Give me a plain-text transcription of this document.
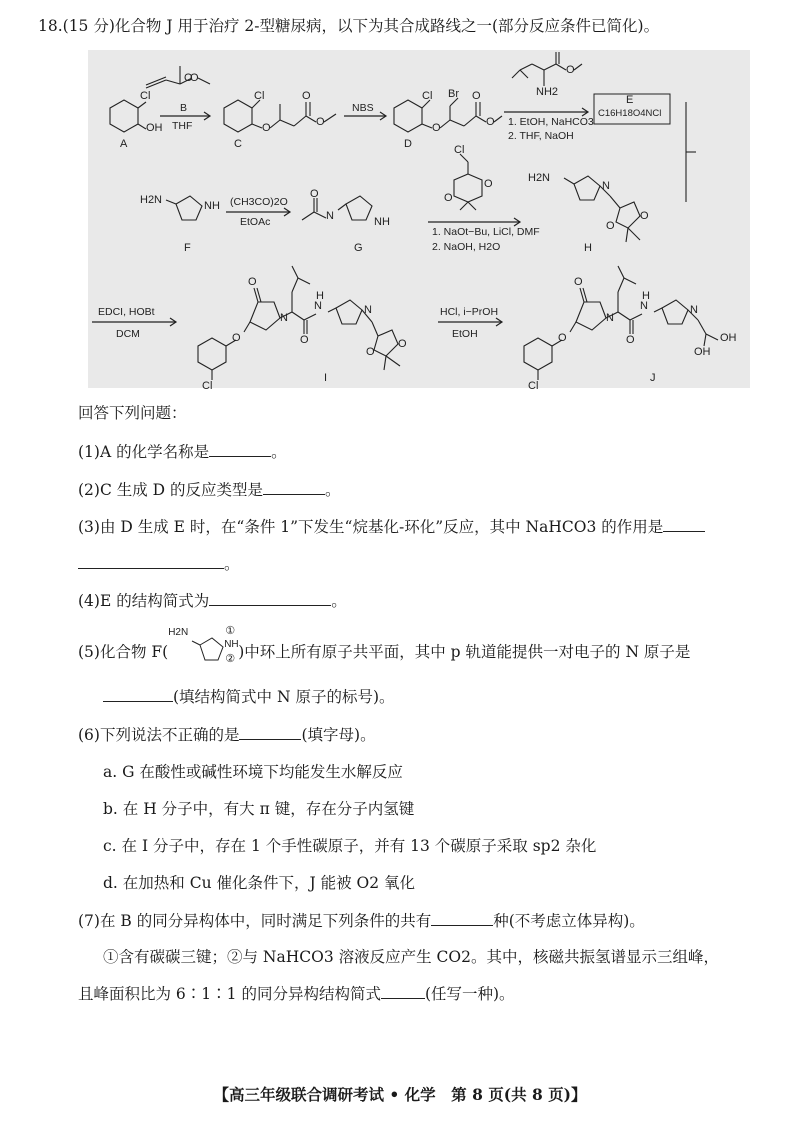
18.(15 分)化合物 J 用于治疗 2-型糖尿病，以下为其合成路线之一(部分反应条件已简化)。
A
Cl
OH
O
O
C
Cl
O
O
O
D
Cl Br
O
O
O
NH2
O
E
C16H18O4NCl
H2N	NH
F
O
N	NH
G
Cl
O
O
H2N
N
O
O
H
Cl
O
O
N
O
N
H
N
O
O
I
Cl
O
O
N
O
N
H
N
OH
OH
J
B
THF
NBS
1. EtOH, NaHCO3
2. THF, NaOH
(CH3CO)2O
EtOAc
1. NaOt−Bu, LiCl, DMF
2. NaOH, H2O
EDCI, HOBt
DCM
HCl, i−PrOH
EtOH
回答下列问题：
(1)A 的化学名称是	。
(2)C 生成 D 的反应类型是	。
(3)由 D 生成 E 时，在“条件 1”下发生“烷基化-环化”反应，其中 NaHCO3 的作用是
。
(4)E 的结构简式为	。
(5)化合物 F(
H2N
NH
①
② )中环上所有原子共平面，其中 p 轨道能提供一对电子的 N 原子是
(填结构简式中 N 原子的标号)。
(6)下列说法不正确的是	(填字母)。
a. G 在酸性或碱性环境下均能发生水解反应
b. 在 H 分子中，有大 π 键，存在分子内氢键
c. 在 I 分子中，存在 1 个手性碳原子，并有 13 个碳原子采取 sp2 杂化
d. 在加热和 Cu 催化条件下，J 能被 O2 氧化
(7)在 B 的同分异构体中，同时满足下列条件的共有	种(不考虑立体异构)。
①含有碳碳三键；②与 NaHCO3 溶液反应产生 CO2。其中，核磁共振氢谱显示三组峰，
且峰面积比为 6∶1∶1 的同分异构结构简式	(任写一种)。
【高三年级联合调研考试 • 化学　第 8 页(共 8 页)】
